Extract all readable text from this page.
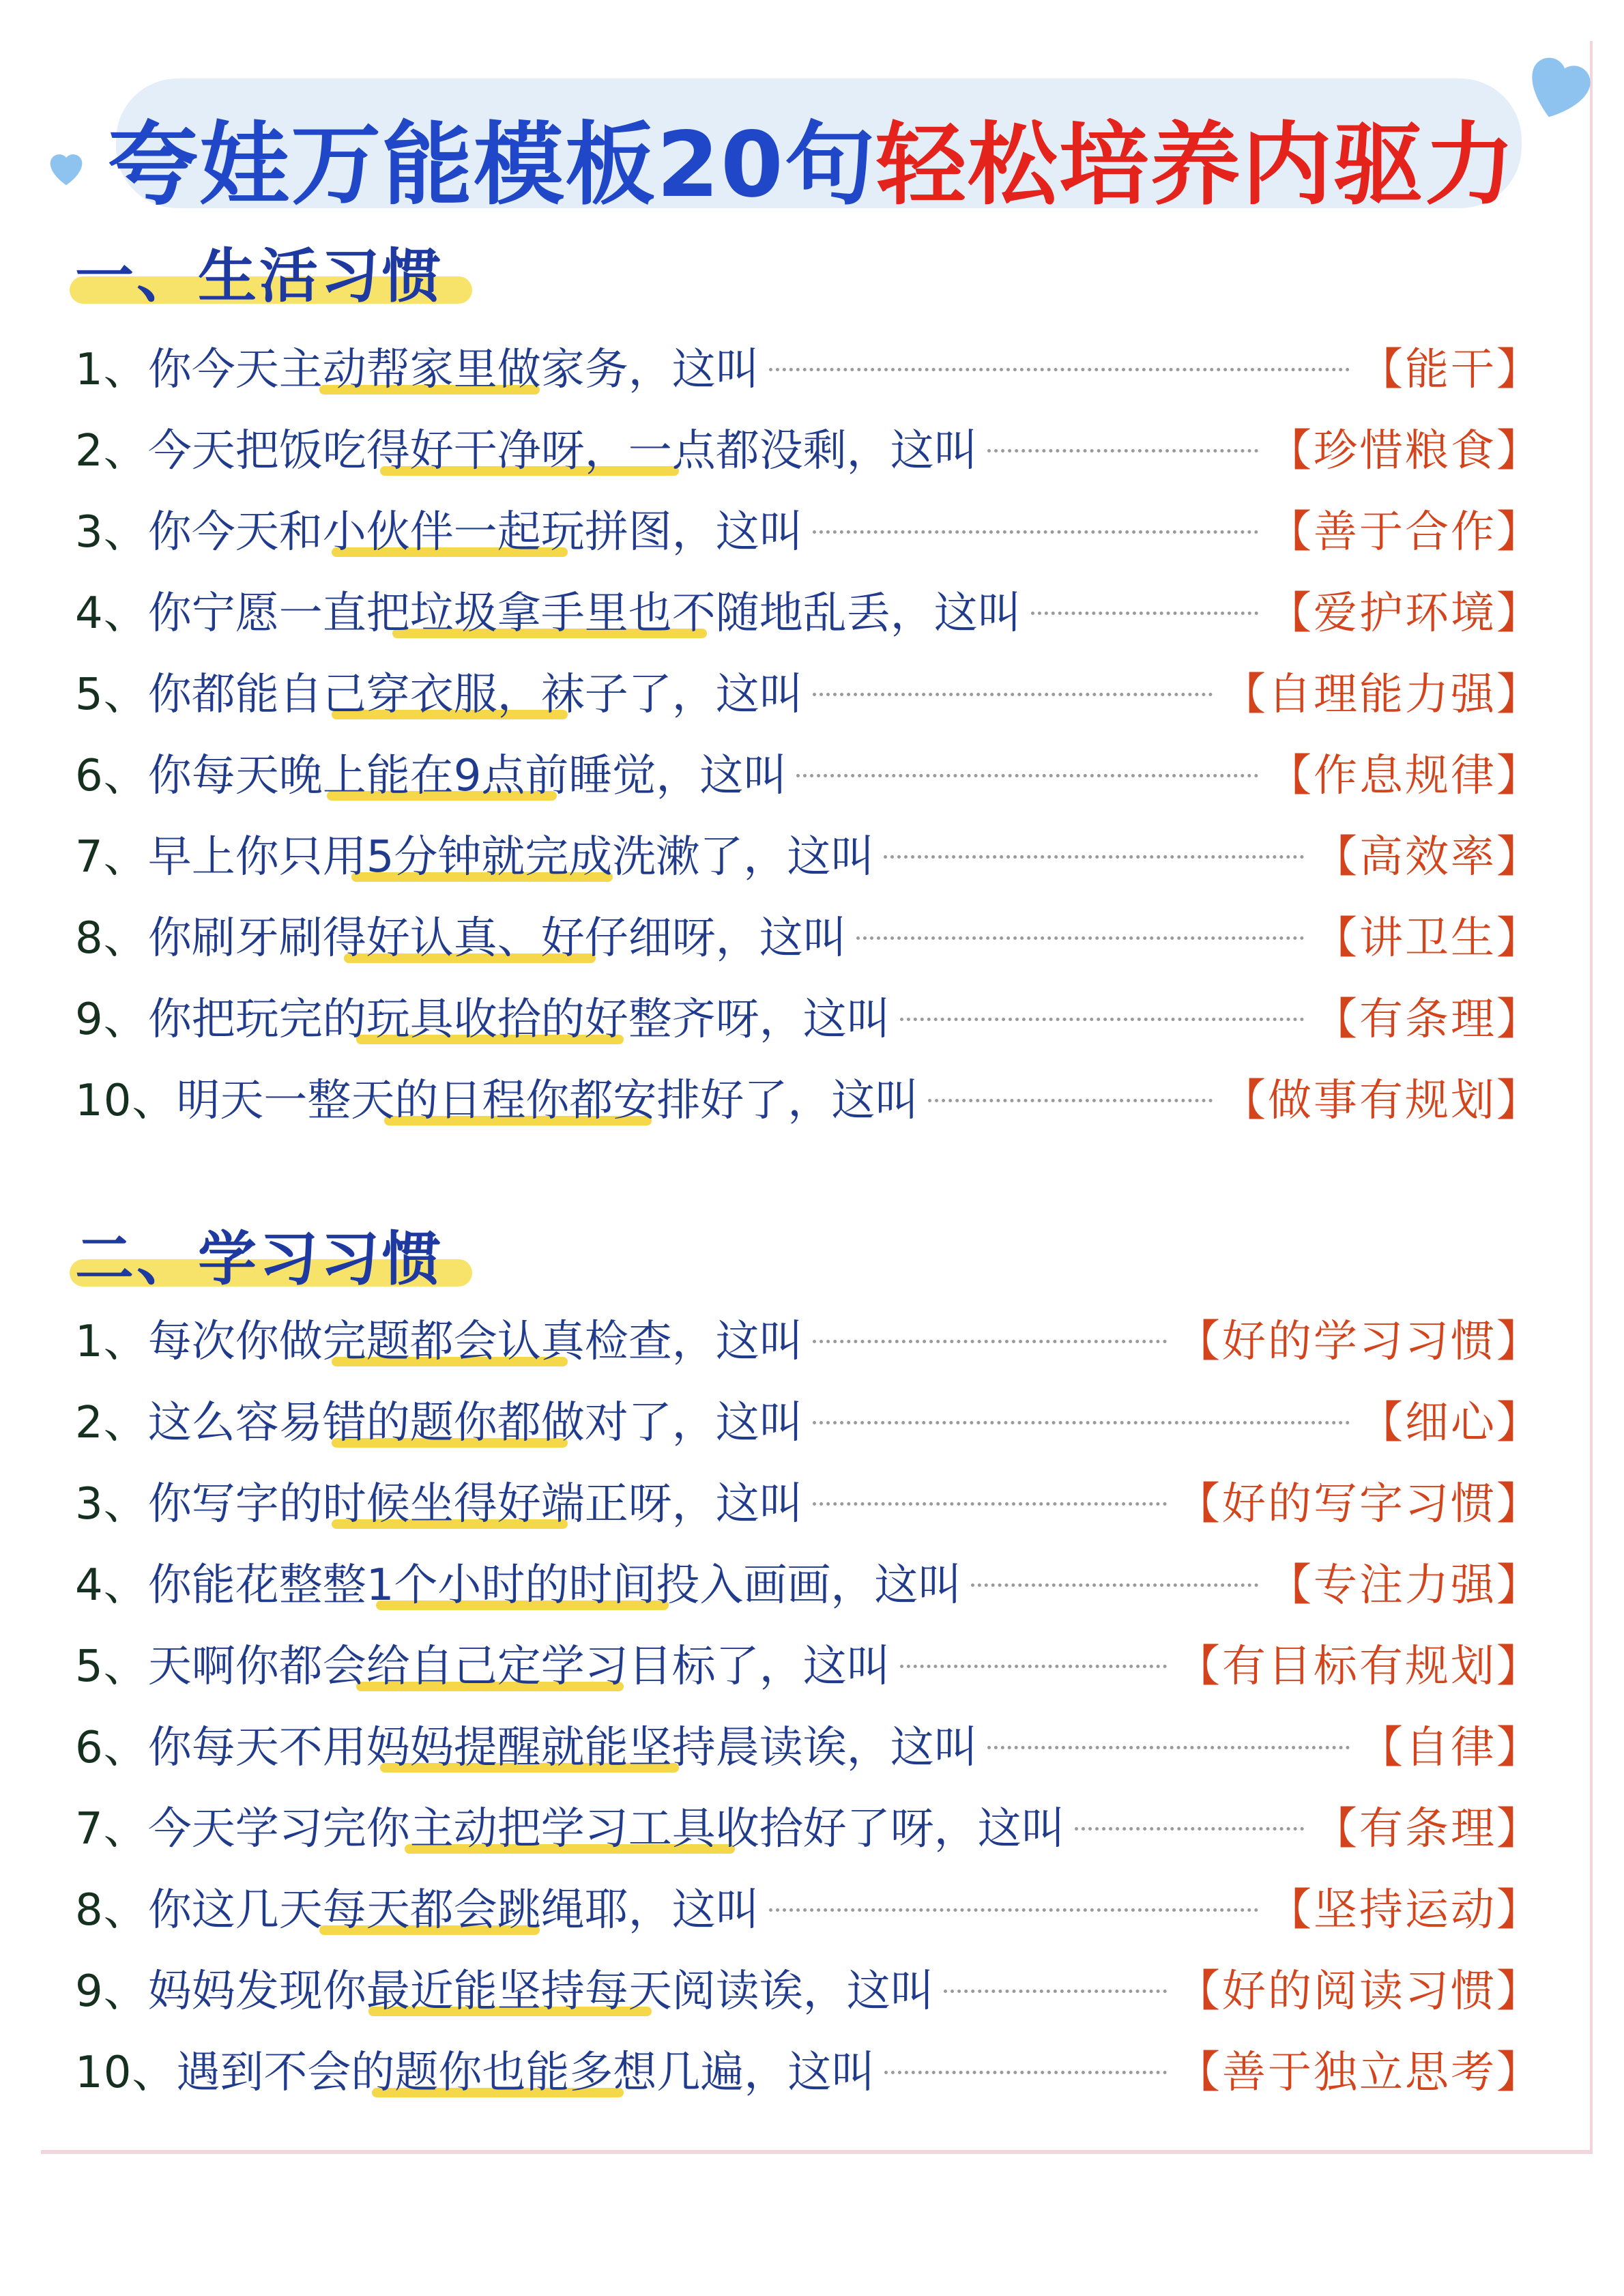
夸娃万能模板20句轻松培养内驱力
一、生活习惯
1、 你今天主动帮家里做家务，这叫	【能干】
2、 今天把饭吃得好干净呀，一点都没剩，这叫	【珍惜粮食】
3、 你今天和小伙伴一起玩拼图，这叫	【善于合作】
4、 你宁愿一直把垃圾拿手里也不随地乱丢，这叫	【爱护环境】
5、 你都能自己穿衣服，袜子了，这叫	【自理能力强】
6、 你每天晚上能在9点前睡觉，这叫	【作息规律】
7、 早上你只用5分钟就完成洗漱了，这叫	【高效率】
8、 你刷牙刷得好认真、好仔细呀，这叫	【讲卫生】
9、 你把玩完的玩具收拾的好整齐呀，这叫	【有条理】
10、 明天一整天的日程你都安排好了，这叫	【做事有规划】
二、学习习惯
1、 每次你做完题都会认真检查，这叫	【好的学习习惯】
2、 这么容易错的题你都做对了，这叫	【细心】
3、 你写字的时候坐得好端正呀，这叫	【好的写字习惯】
4、 你能花整整1个小时的时间投入画画，这叫	【专注力强】
5、 天啊你都会给自己定学习目标了，这叫	【有目标有规划】
6、 你每天不用妈妈提醒就能坚持晨读诶，这叫	【自律】
7、 今天学习完你主动把学习工具收拾好了呀，这叫	【有条理】
8、 你这几天每天都会跳绳耶，这叫	【坚持运动】
9、 妈妈发现你最近能坚持每天阅读诶，这叫	【好的阅读习惯】
10、 遇到不会的题你也能多想几遍，这叫	【善于独立思考】
